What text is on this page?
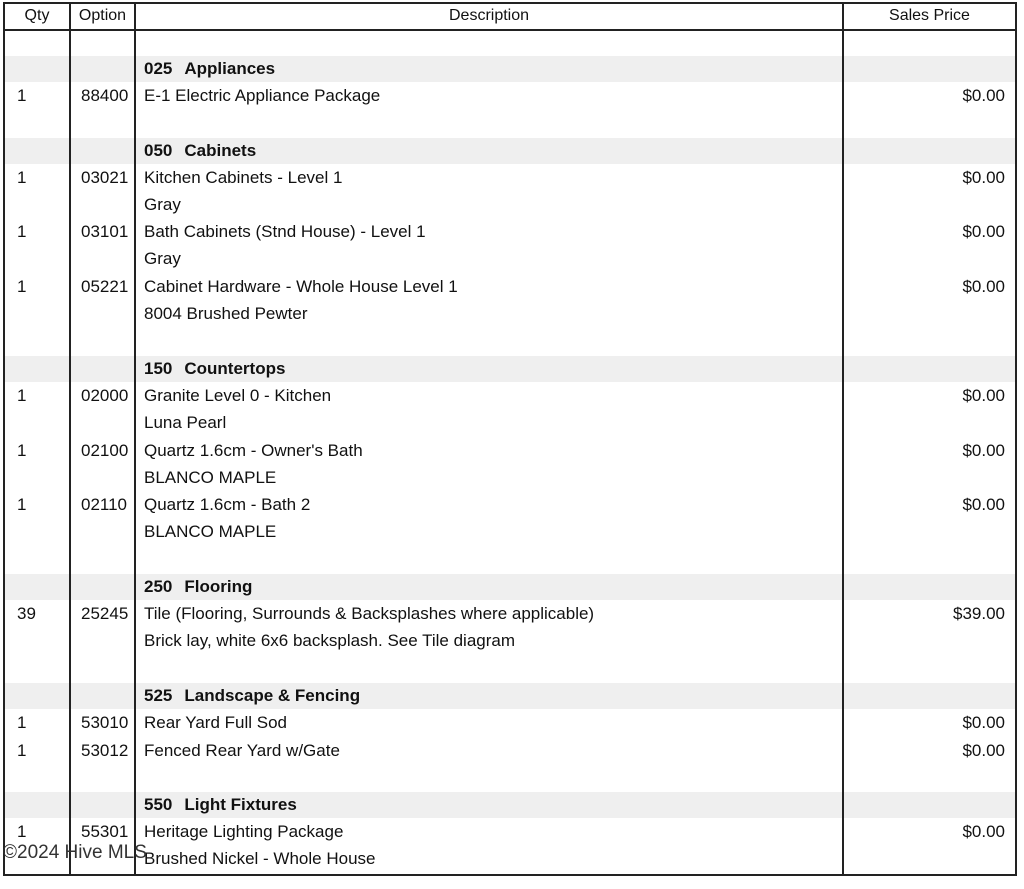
Qty	Option	Description	Sales Price
025 Appliances
1	88400 E-1 Electric Appliance Package	$0.00
050 Cabinets
1	03021 Kitchen Cabinets - Level 1	$0.00
Gray
1	03101 Bath Cabinets (Stnd House) - Level 1	$0.00
Gray
1	05221 Cabinet Hardware - Whole House Level 1	$0.00
8004 Brushed Pewter
150 Countertops
1	02000 Granite Level 0 - Kitchen	$0.00
Luna Pearl
1	02100 Quartz 1.6cm - Owner's Bath	$0.00
BLANCO MAPLE
1	02110 Quartz 1.6cm - Bath 2	$0.00
BLANCO MAPLE
250 Flooring
39	25245 Tile (Flooring, Surrounds & Backsplashes where applicable)	$39.00
Brick lay, white 6x6 backsplash. See Tile diagram
525 Landscape & Fencing
1	53010 Rear Yard Full Sod	$0.00
1	53012 Fenced Rear Yard w/Gate	$0.00
550 Light Fixtures
1	55301 Heritage Lighting Package	$0.00
Brushed Nickel - Whole House
©2024 Hive MLS
